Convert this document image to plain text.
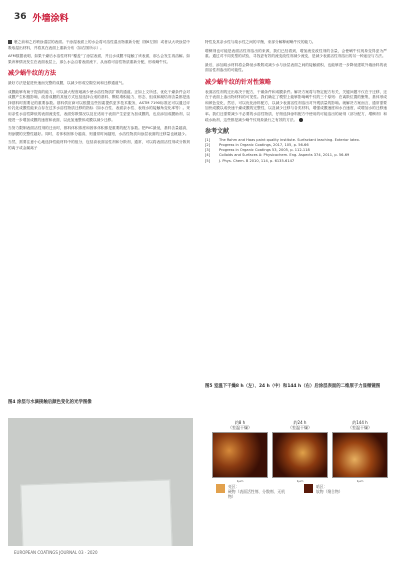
36 外墙涂料

裹之前和之后喷涂湿层的表面。干涂湿表面上的水会将可溶性湿出物重新分配（图6左图）或者从大块涂层中吸取湿出材料，并将其在表面上重新分布（如右图所示）。

AFM数据表明，如果干燥后水溶性材料“覆盖”了涂层表面，并且水成膜不接触了该表面，那么会发生再溶解。如果该种情况发生在表面表层上，那么水会沿着表面流下，从而将可溶性物质重新分配，形成蜗牛纹。

减少蜗牛纹的方法

最好方法是促进快速而完整的成膜，以减少形成空隙空间和迁移通道气。

成膜能够有助于提高的能力，可以最大程度地减少使水溶性物质扩散的通道。正如上文所述，优化干燥条件会对成膜产生积极影响，改善成膜的其他方式包括选择合适的基料、颗粒堆积能力、形态、组成和凝结剂含量都是选择基料时需要记的重要参数。基料供应商可以根据这些因素提供更多技术服务，ASTM 7190标准还可以通过评价乳化成膜性能来合存在过多水溶性物质迁移的指标（如水白性、表面亲水性、表现水的接触角变化率等）。采用亲性水溶性降低的表面流变性，表面弥散情况以及在适用于表面产生更更为加成膜的，也应添加成膜助剂，以便进一步增加成膜的速度和表面，以此加速整体成膜以减少迁移。

当努力限制表面活性剂的迁出时，都料体积浓度和固体体积都是重要的配方参数。把PVC最低，基料含量越高，则涂膜的完整性越好。同时，若体积固体分越高，则通常时间越短，水溶性物质向涂层表面的迁移量也就越少。

当然，需要注意小心地选择性能材料中的组分，包括高表面活性剂和分散剂，通常，可以将表面活性剂或分散剂的离子或金属离子

特性及其亲水性与疏水性之间的平衡，来部分解释耐蜗牛纹的能力。

增稠剂也可能是表面活性剂溶出的来源，我们已经看到，增加流变改性剂的含量，会使蜗牛纹现象变得更为严重。通过对不同类型的试验，寻找更有效的流变改性剂减少流变，是减少表面活性剂溶出的另一种途径与方法。

最后，添加疏水材料将会降低水吸附成减少水与涂层表面之间的接触面积，也能够进一步降低建筑外墙涂料的表面活性剂渗出的可能性。

减少蜗牛纹的针对性策略

表面活性剂的迁出取决于配方，干燥条件和成膜条件。解决方案将与特定配方有关，关键问题不仅在于迁移，还在于表面上渗出物材料的可见性。我们确定了模型上能够影响蜗牛纹的三个原则：在离散位置的聚集，基体形成和颜色变化，然后，可以优化涂料配方，以减少表面活性剂溶出对外观质量的影响。就解决方案而言，通常需要加快成膜以成快速干燥成膜的完整性，以及减少迁移与各类材料，增强成膜速度和水白速度，或增加水的迁移速率。我们还需要减少不必要的水溶性物质，仔细选择涂料配方中使用的可能溶出的助剂（部分配方，增稠剂）和疏水助剂，这些都是减少蜗牛纹现象最行之有效的方法。

参考文献
[1]	The Rohm and Haas paint quality institute. Surfactant leaching. Exterior latex.
[2]	Progress in Organic Coatings, 2017, 105, p. 56-66
[3]	Progress in Organic Coatings 53, 2005, p. 112-118
[4]	Colloids and Surfaces A: Physicochem. Eng. Aspects 374, 2011, p. 56-69
[5]	J. Phys. Chem. B 2010, 114, p. 6135-6147
图4 涂层与水滴接触后颜色变化的光学图像
图5 室温下干燥8 h（左）、24 h（中）和144 h（右）后涂层表面的二维原子力显微镜图
约8 h
（室温干燥）
1μm
约24 h
（室温干燥）
1μm
约144 h
（室温干燥）
1μm
亮区：
硬物（表面活性剂、分散剂、无机物）
暗区：
软物（聚合物）
EUROPEAN COATINGS JOURNAL 03 · 2020
